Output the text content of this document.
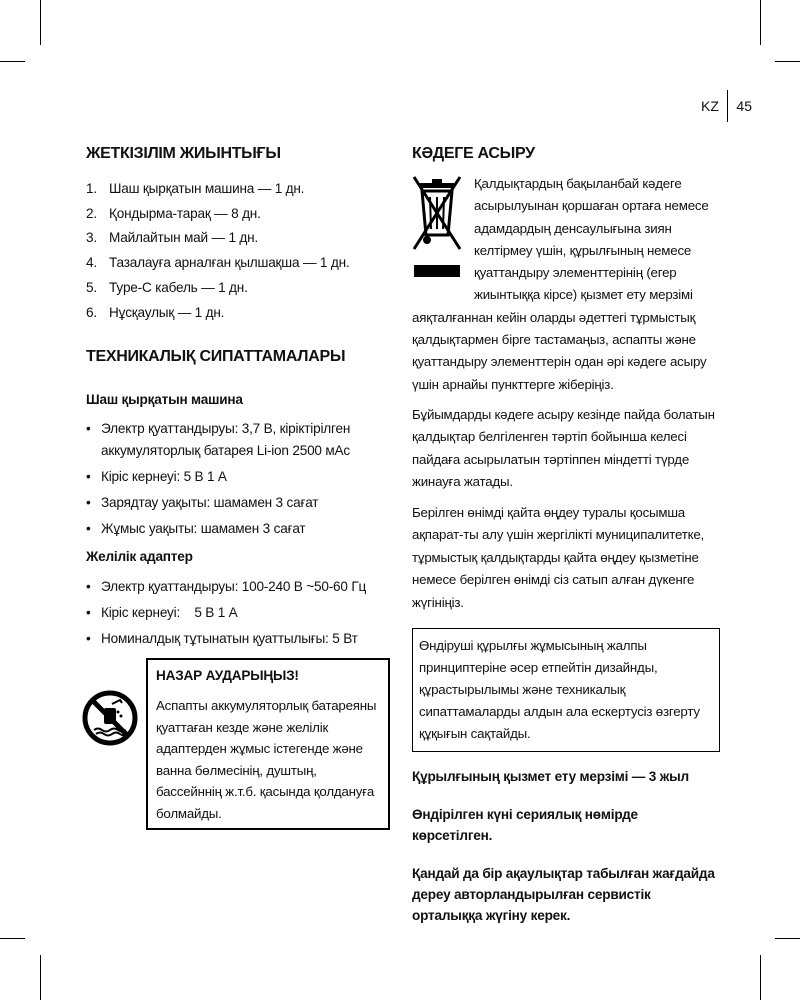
KZ 45
ЖЕТКІЗІЛІМ ЖИЫНТЫҒЫ
1. Шаш қырқатын машина — 1 дн.
2. Қондырма-тарақ — 8 дн.
3. Майлайтын май — 1 дн.
4. Тазалауға арналған қылшақша — 1 дн.
5. Type-C кабель — 1 дн.
6. Нұсқаулық — 1 дн.
ТЕХНИКАЛЫҚ СИПАТТАМАЛАРЫ
Шаш қырқатын машина
• Электр қуаттандыруы: 3,7 В, кіріктірілген аккумуляторлық батарея Li-ion 2500 мАс
• Кіріс кернеуі: 5 В 1 А
• Зарядтау уақыты: шамамен 3 сағат
• Жұмыс уақыты: шамамен 3 сағат
Желілік адаптер
• Электр қуаттандыруы: 100-240 В ~50-60 Гц
• Кіріс кернеуі:    5 В 1 А
• Номиналдық тұтынатын қуаттылығы: 5 Вт
НАЗАР АУДАРЫҢЫЗ!

Аспапты аккумуляторлық батареяны қуаттаған кезде және желілік адаптерден жұмыс істегенде және ванна бөлмесінің, душтың, бассейннің ж.т.б. қасында қолдануға болмайды.

КӘДЕГЕ АСЫРУ

Қалдықтардың бақыланбай кәдеге асырылуынан қоршаған ортаға немесе адамдардың денсаулығына зиян келтірмеу үшін, құрылғының немесе қуаттандыру элементтерінің (егер жиынтыққа кірсе) қызмет ету мерзімі аяқталғаннан кейін оларды әдеттегі тұрмыстық қалдықтармен бірге тастамаңыз, аспапты және қуаттандыру элементтерін одан әрі кәдеге асыру үшін арнайы пункттерге жіберіңіз.

Бұйымдарды кәдеге асыру кезінде пайда болатын қалдықтар белгіленген тәртіп бойынша келесі пайдаға асырылатын тәртіппен міндетті түрде жинауға жатады.

Берілген өнімді қайта өңдеу туралы қосымша ақпарат-ты алу үшін жергілікті муниципалитетке, тұрмыстық қалдықтарды қайта өңдеу қызметіне немесе берілген өнімді сіз сатып алған дүкенге жүгініңіз.

Өндіруші құрылғы жұмысының жалпы принциптеріне әсер етпейтін дизайнды, құрастырылымы және техникалық сипаттамаларды алдын ала ескертусіз өзгерту құқығын сақтайды.

Құрылғының қызмет ету мерзімі — 3 жыл

Өндірілген күні сериялық нөмірде көрсетілген.

Қандай да бір ақаулықтар табылған жағдайда дереу авторландырылған сервистік орталыққа жүгіну керек.
